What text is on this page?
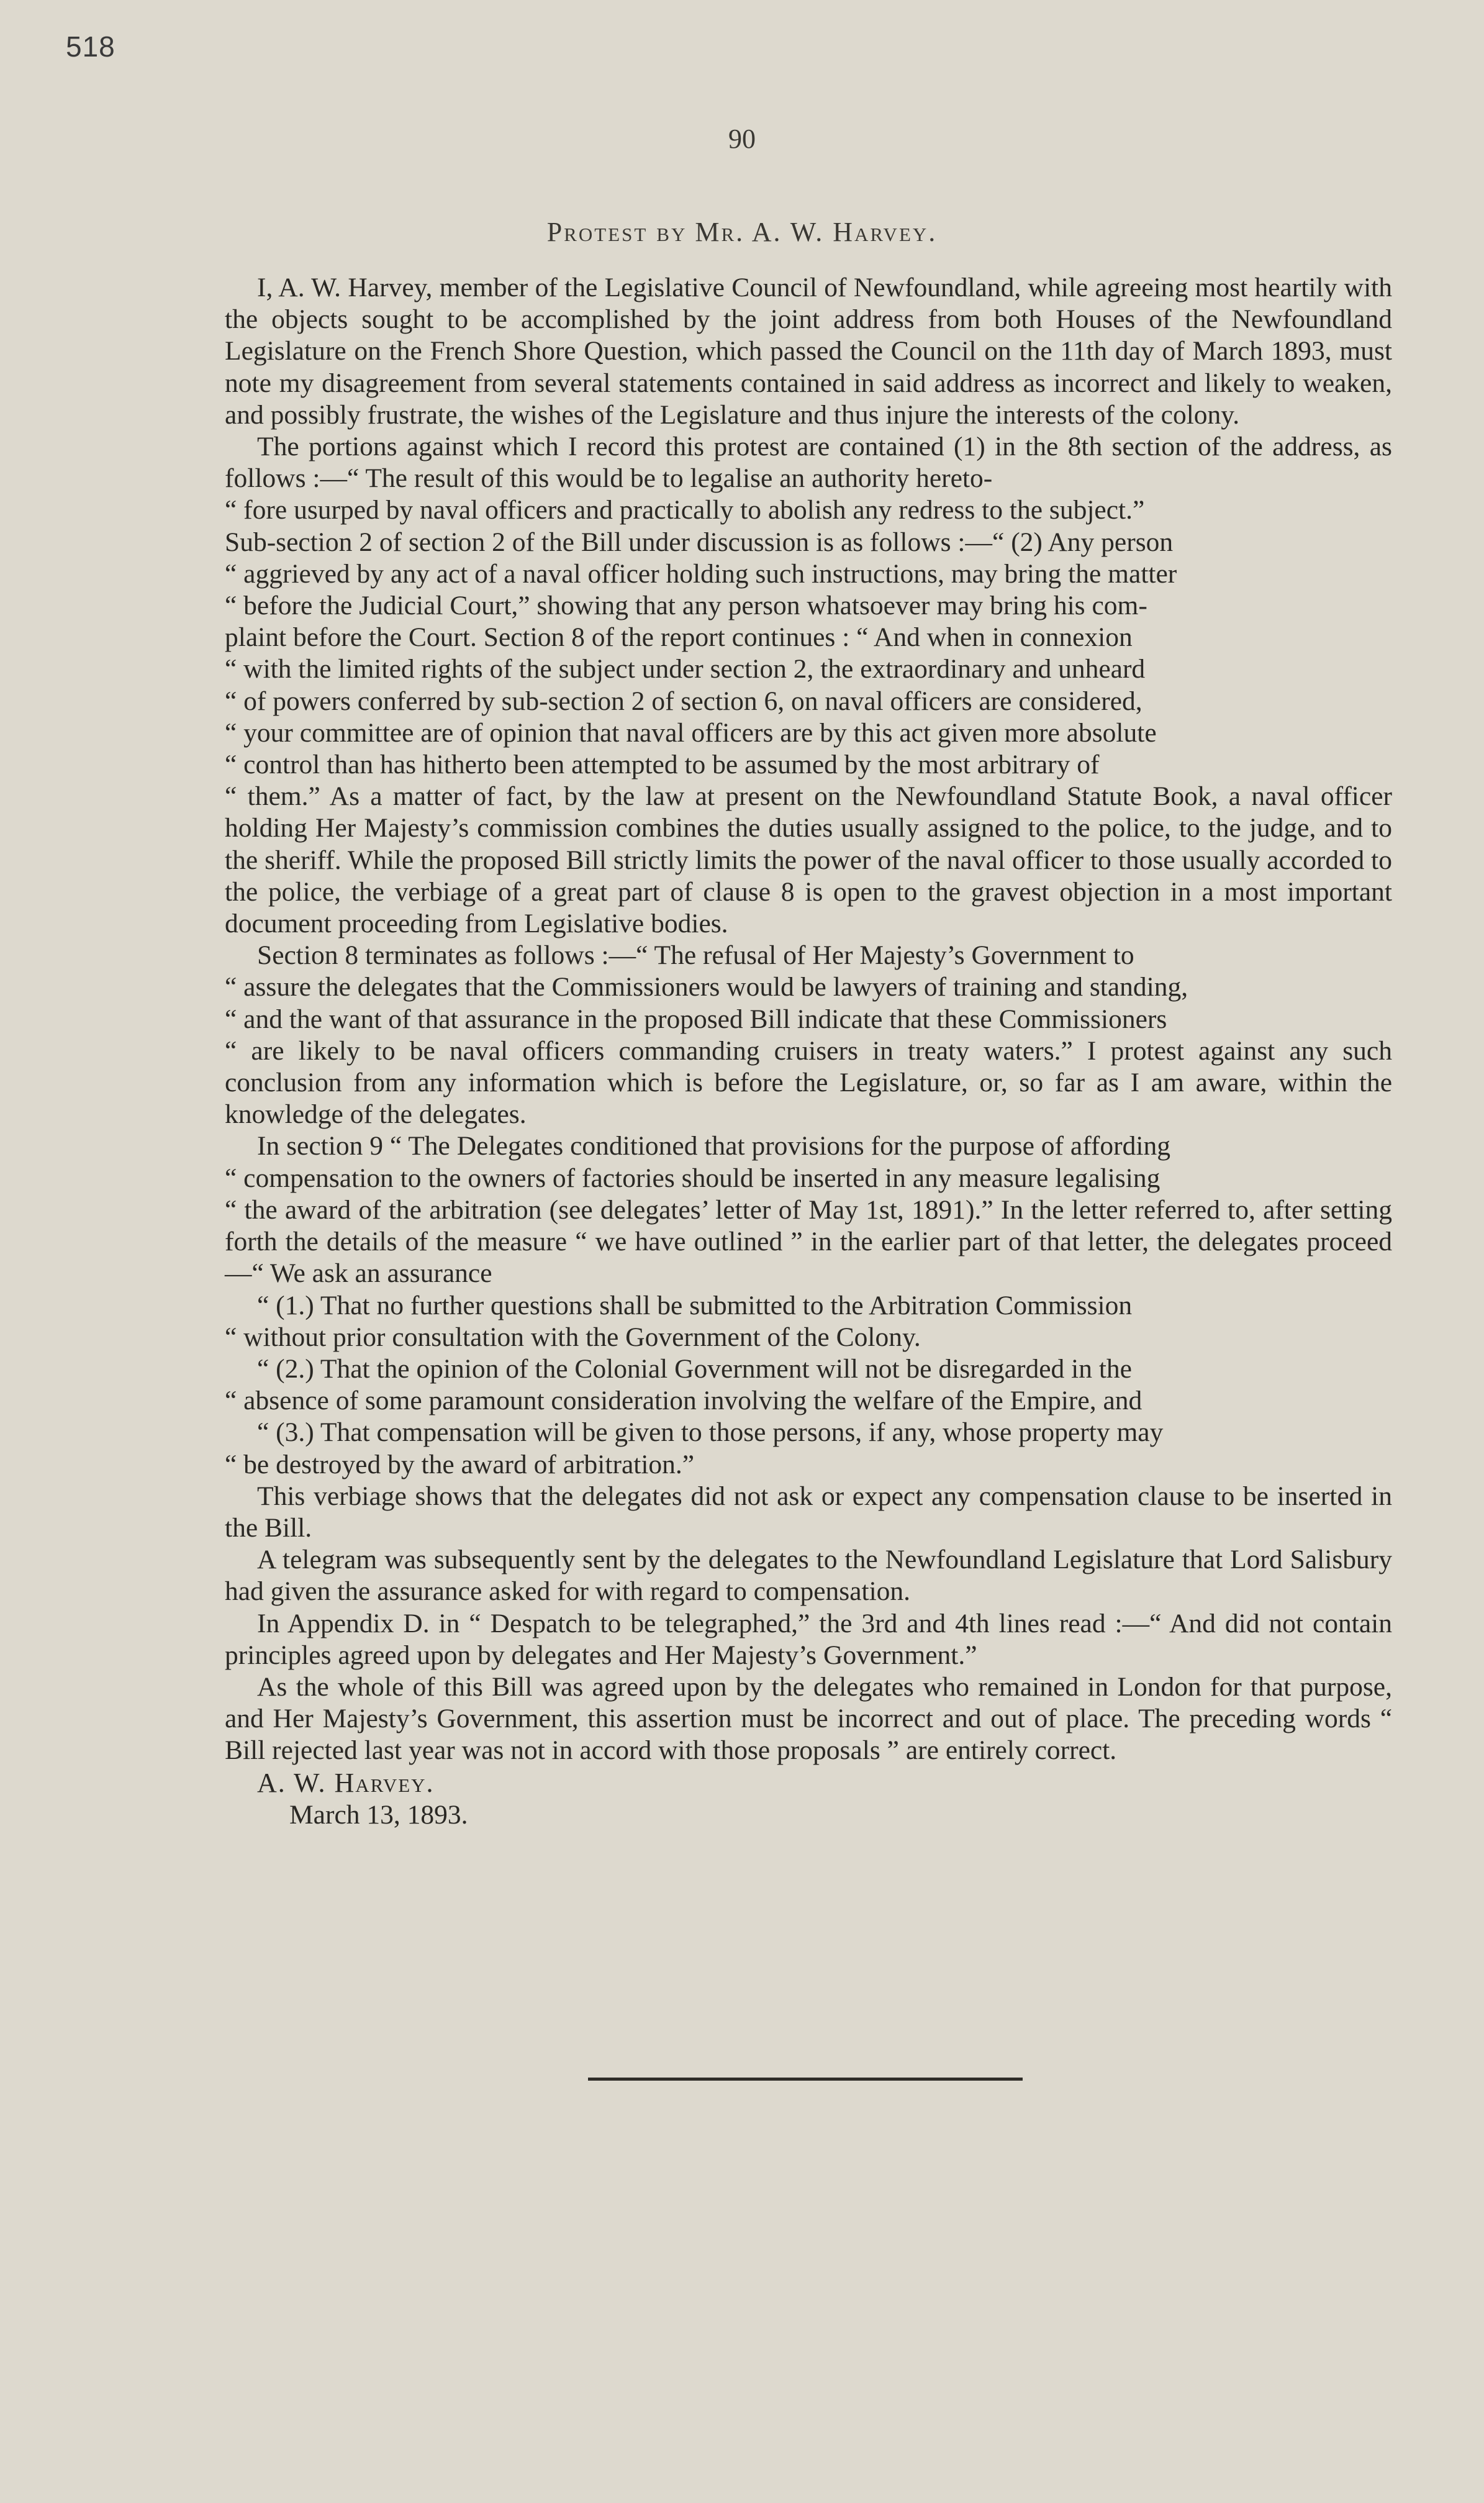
518
90
Protest by Mr. A. W. Harvey.

I, A. W. Harvey, member of the Legislative Council of Newfoundland, while agreeing most heartily with the objects sought to be accomplished by the joint address from both Houses of the Newfoundland Legislature on the French Shore Question, which passed the Council on the 11th day of March 1893, must note my disagreement from several statements contained in said address as incorrect and likely to weaken, and possibly frustrate, the wishes of the Legislature and thus injure the interests of the colony.

The portions against which I record this protest are contained (1) in the 8th section of the address, as follows :—“ The result of this would be to legalise an authority hereto-

“ fore usurped by naval officers and practically to abolish any redress to the subject.”

Sub-section 2 of section 2 of the Bill under discussion is as follows :—“ (2) Any person

“ aggrieved by any act of a naval officer holding such instructions, may bring the matter

“ before the Judicial Court,” showing that any person whatsoever may bring his com-

plaint before the Court. Section 8 of the report continues : “ And when in connexion

“ with the limited rights of the subject under section 2, the extraordinary and unheard

“ of powers conferred by sub-section 2 of section 6, on naval officers are considered,

“ your committee are of opinion that naval officers are by this act given more absolute

“ control than has hitherto been attempted to be assumed by the most arbitrary of

“ them.” As a matter of fact, by the law at present on the Newfoundland Statute Book, a naval officer holding Her Majesty’s commission combines the duties usually assigned to the police, to the judge, and to the sheriff. While the proposed Bill strictly limits the power of the naval officer to those usually accorded to the police, the verbiage of a great part of clause 8 is open to the gravest objection in a most important document proceeding from Legislative bodies.

Section 8 terminates as follows :—“ The refusal of Her Majesty’s Government to

“ assure the delegates that the Commissioners would be lawyers of training and standing,

“ and the want of that assurance in the proposed Bill indicate that these Commissioners

“ are likely to be naval officers commanding cruisers in treaty waters.” I protest against any such conclusion from any information which is before the Legislature, or, so far as I am aware, within the knowledge of the delegates.

In section 9 “ The Delegates conditioned that provisions for the purpose of affording

“ compensation to the owners of factories should be inserted in any measure legalising

“ the award of the arbitration (see delegates’ letter of May 1st, 1891).” In the letter referred to, after setting forth the details of the measure “ we have outlined ” in the earlier part of that letter, the delegates proceed—“ We ask an assurance

“ (1.) That no further questions shall be submitted to the Arbitration Commission

“ without prior consultation with the Government of the Colony.

“ (2.) That the opinion of the Colonial Government will not be disregarded in the

“ absence of some paramount consideration involving the welfare of the Empire, and

“ (3.) That compensation will be given to those persons, if any, whose property may

“ be destroyed by the award of arbitration.”

This verbiage shows that the delegates did not ask or expect any compensation clause to be inserted in the Bill.

A telegram was subsequently sent by the delegates to the Newfoundland Legislature that Lord Salisbury had given the assurance asked for with regard to compensation.

In Appendix D. in “ Despatch to be telegraphed,” the 3rd and 4th lines read :—“ And did not contain principles agreed upon by delegates and Her Majesty’s Government.”

As the whole of this Bill was agreed upon by the delegates who remained in London for that purpose, and Her Majesty’s Government, this assertion must be incorrect and out of place. The preceding words “ Bill rejected last year was not in accord with those proposals ” are entirely correct.

A. W. Harvey.

March 13, 1893.
